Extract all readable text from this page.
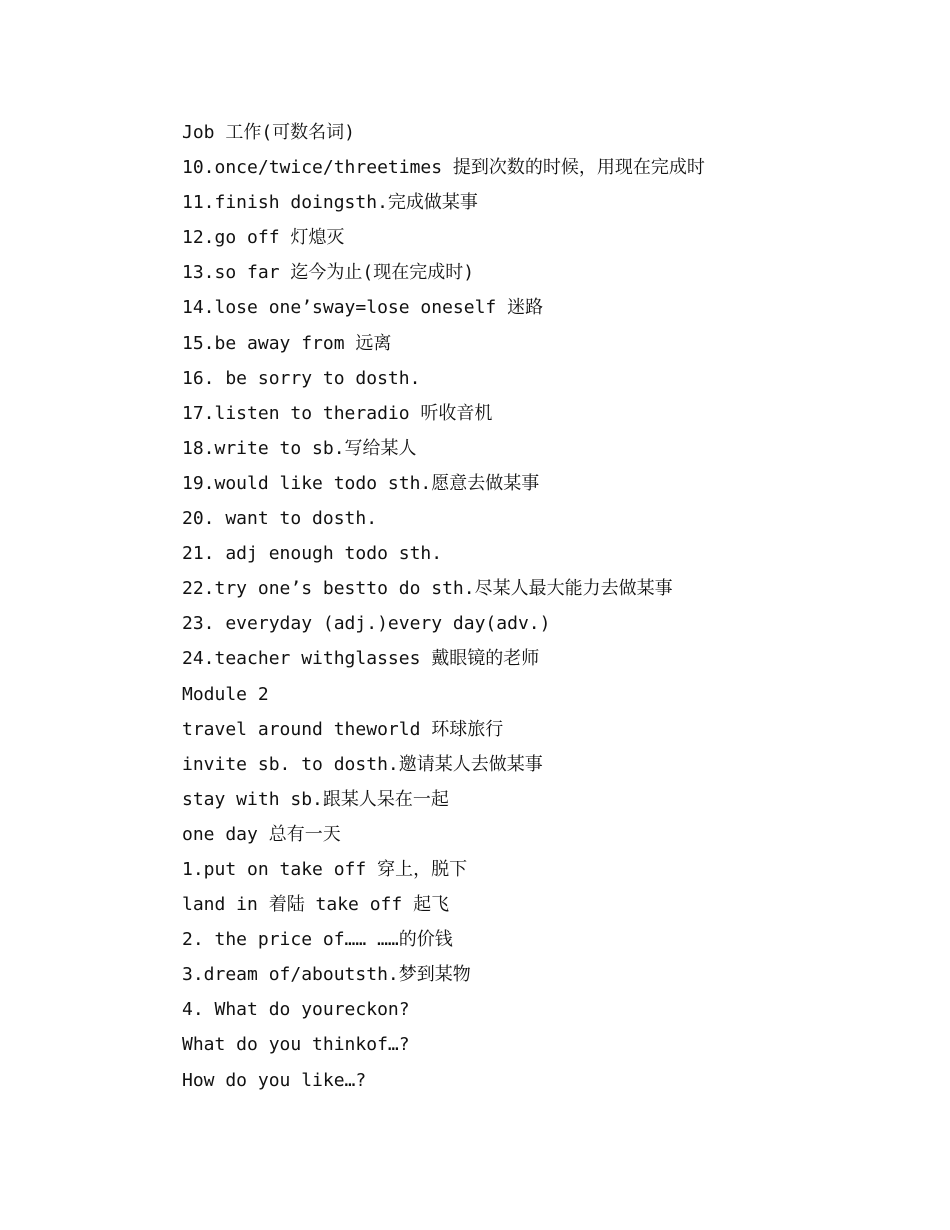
Job 工作(可数名词)
10.once/twice/threetimes 提到次数的时候，用现在完成时
11.finish doingsth.完成做某事
12.go off 灯熄灭
13.so far 迄今为止(现在完成时)
14.lose one’sway=lose oneself 迷路
15.be away from 远离
16. be sorry to dosth.
17.listen to theradio 听收音机
18.write to sb.写给某人
19.would like todo sth.愿意去做某事
20. want to dosth.
21. adj enough todo sth.
22.try one’s bestto do sth.尽某人最大能力去做某事
23. everyday (adj.)every day(adv.)
24.teacher withglasses 戴眼镜的老师
Module 2
travel around theworld 环球旅行
invite sb. to dosth.邀请某人去做某事
stay with sb.跟某人呆在一起
one day 总有一天
1.put on take off 穿上，脱下
land in 着陆 take off 起飞
2. the price of…… ……的价钱
3.dream of/aboutsth.梦到某物
4. What do youreckon?
What do you thinkof…?
How do you like…?
